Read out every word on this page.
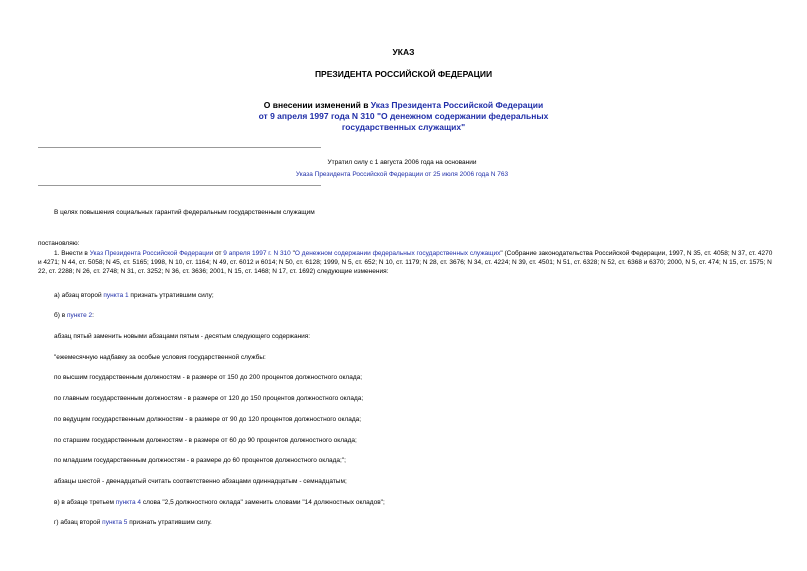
УКАЗ
ПРЕЗИДЕНТА РОССИЙСКОЙ ФЕДЕРАЦИИ
О внесении изменений в Указ Президента Российской Федерации
от 9 апреля 1997 года N 310 "О денежном содержании федеральных
государственных служащих"
Утратил силу с 1 августа 2006 года на основании
Указа Президента Российской Федерации от 25 июля 2006 года N 763
В целях повышения социальных гарантий федеральным государственным служащим
постановляю:
1. Внести в Указ Президента Российской Федерации от 9 апреля 1997 г. N 310 "О денежном содержании федеральных государственных служащих" (Собрание законодательства Российской Федерации, 1997, N 35, ст. 4058; N 37, ст. 4270 и 4271; N 44, ст. 5058; N 45, ст. 5165; 1998, N 10, ст. 1164; N 49, ст. 6012 и 6014; N 50, ст. 6128; 1999, N 5, ст. 652; N 10, ст. 1179; N 28, ст. 3676; N 34, ст. 4224; N 39, ст. 4501; N 51, ст. 6328; N 52, ст. 6368 и 6370; 2000, N 5, ст. 474; N 15, ст. 1575; N 22, ст. 2288; N 26, ст. 2748; N 31, ст. 3252; N 36, ст. 3636; 2001, N 15, ст. 1468; N 17, ст. 1692) следующие изменения:
а) абзац второй пункта 1 признать утратившим силу;
б) в пункте 2:
абзац пятый заменить новыми абзацами пятым - десятым следующего содержания:
"ежемесячную надбавку за особые условия государственной службы:
по высшим государственным должностям - в размере от 150 до 200 процентов должностного оклада;
по главным государственным должностям - в размере от 120 до 150 процентов должностного оклада;
по ведущим государственным должностям - в размере от 90 до 120 процентов должностного оклада;
по старшим государственным должностям - в размере от 60 до 90 процентов должностного оклада;
по младшим государственным должностям - в размере до 60 процентов должностного оклада;";
абзацы шестой - двенадцатый считать соответственно абзацами одиннадцатым - семнадцатым;
в) в абзаце третьем пункта 4 слова "2,5 должностного оклада" заменить словами "14 должностных окладов";
г) абзац второй пункта 5 признать утратившим силу.
